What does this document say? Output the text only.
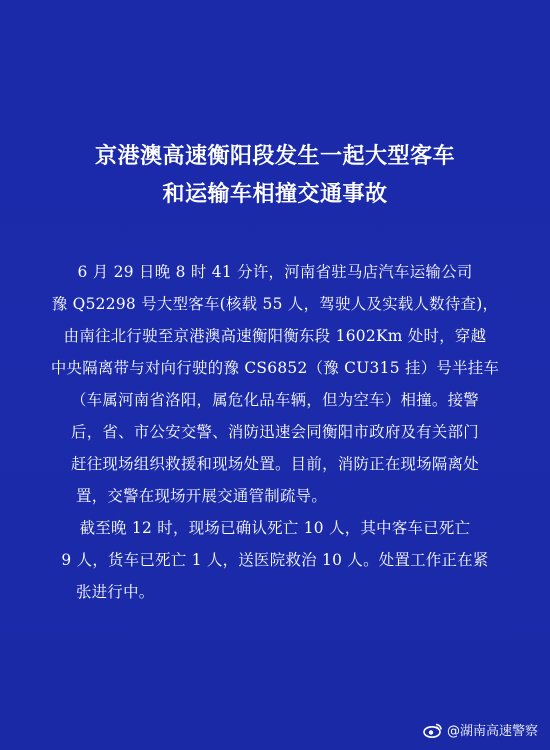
京港澳高速衡阳段发生一起大型客车
和运输车相撞交通事故
6 月 29 日晚 8 时 41 分许，河南省驻马店汽车运输公司
豫 Q52298 号大型客车(核载 55 人，驾驶人及实载人数待查)，
由南往北行驶至京港澳高速衡阳衡东段 1602Km 处时，穿越
中央隔离带与对向行驶的豫 CS6852（豫 CU315 挂）号半挂车
（车属河南省洛阳，属危化品车辆，但为空车）相撞。接警
后，省、市公安交警、消防迅速会同衡阳市政府及有关部门
赶往现场组织救援和现场处置。目前，消防正在现场隔离处
置，交警在现场开展交通管制疏导。
截至晚 12 时，现场已确认死亡 10 人，其中客车已死亡
9 人，货车已死亡 1 人，送医院救治 10 人。处置工作正在紧
张进行中。
@湖南高速警察
